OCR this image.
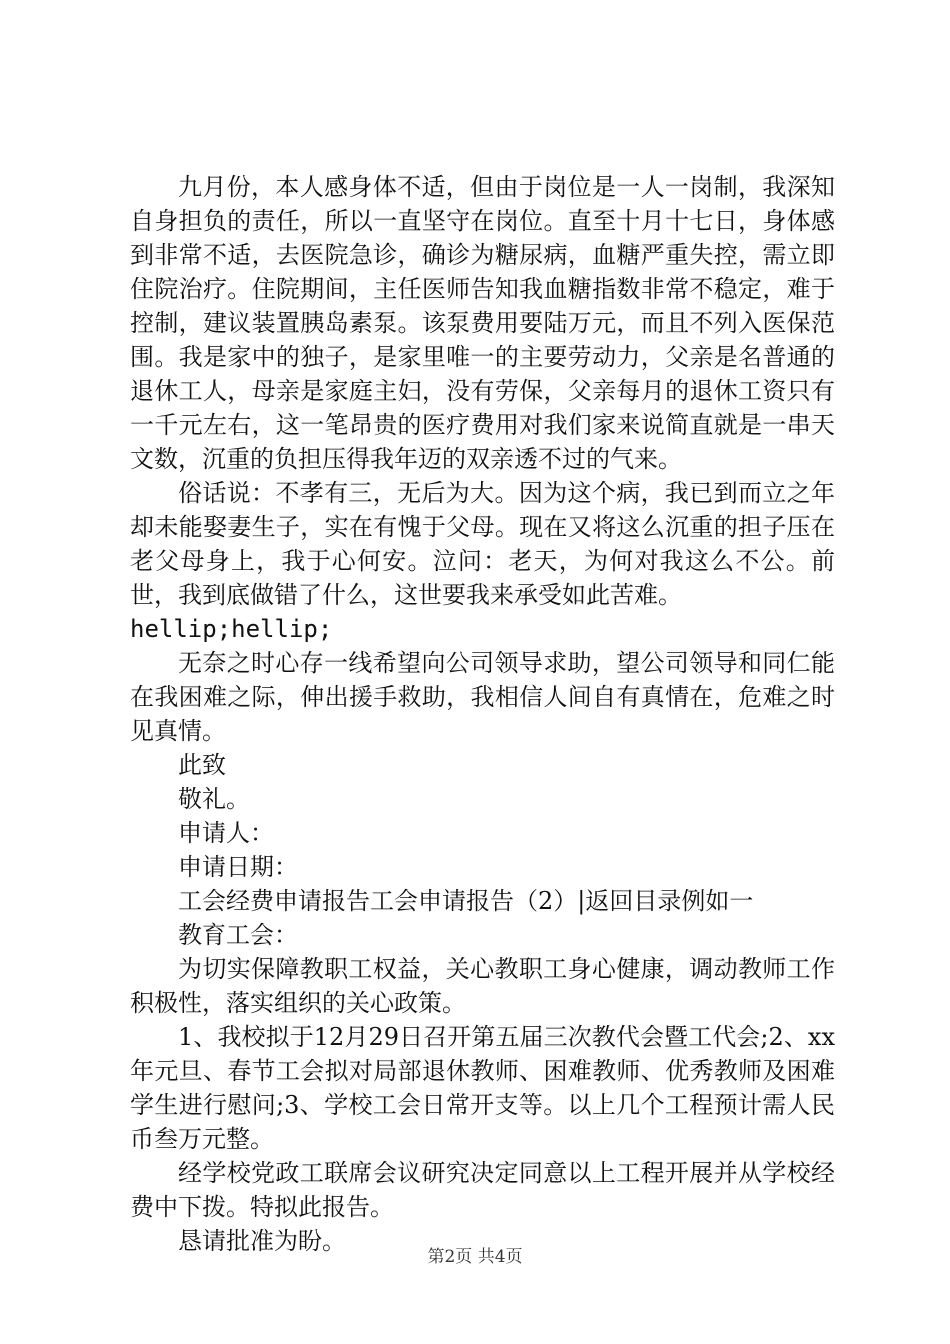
九月份，本人感身体不适，但由于岗位是一人一岗制，我深知自身担负的责任，所以一直坚守在岗位。直至十月十七日，身体感到非常不适，去医院急诊，确诊为糖尿病，血糖严重失控，需立即住院治疗。住院期间，主任医师告知我血糖指数非常不稳定，难于控制，建议装置胰岛素泵。该泵费用要陆万元，而且不列入医保范围。我是家中的独子，是家里唯一的主要劳动力，父亲是名普通的退休工人，母亲是家庭主妇，没有劳保，父亲每月的退休工资只有一千元左右，这一笔昂贵的医疗费用对我们家来说简直就是一串天文数，沉重的负担压得我年迈的双亲透不过的气来。

俗话说：不孝有三，无后为大。因为这个病，我已到而立之年却未能娶妻生子，实在有愧于父母。现在又将这么沉重的担子压在老父母身上，我于心何安。泣问：老天，为何对我这么不公。前世，我到底做错了什么，这世要我来承受如此苦难。

hellip;hellip;

无奈之时心存一线希望向公司领导求助，望公司领导和同仁能在我困难之际，伸出援手救助，我相信人间自有真情在，危难之时见真情。

此致

敬礼。

申请人：

申请日期：

工会经费申请报告工会申请报告（2）|返回目录例如一

教育工会：

为切实保障教职工权益，关心教职工身心健康，调动教师工作积极性，落实组织的关心政策。

1、我校拟于12月29日召开第五届三次教代会暨工代会;2、xx年元旦、春节工会拟对局部退休教师、困难教师、优秀教师及困难学生进行慰问;3、学校工会日常开支等。以上几个工程预计需人民币叁万元整。

经学校党政工联席会议研究决定同意以上工程开展并从学校经费中下拨。特拟此报告。

恳请批准为盼。

第2页 共4页
